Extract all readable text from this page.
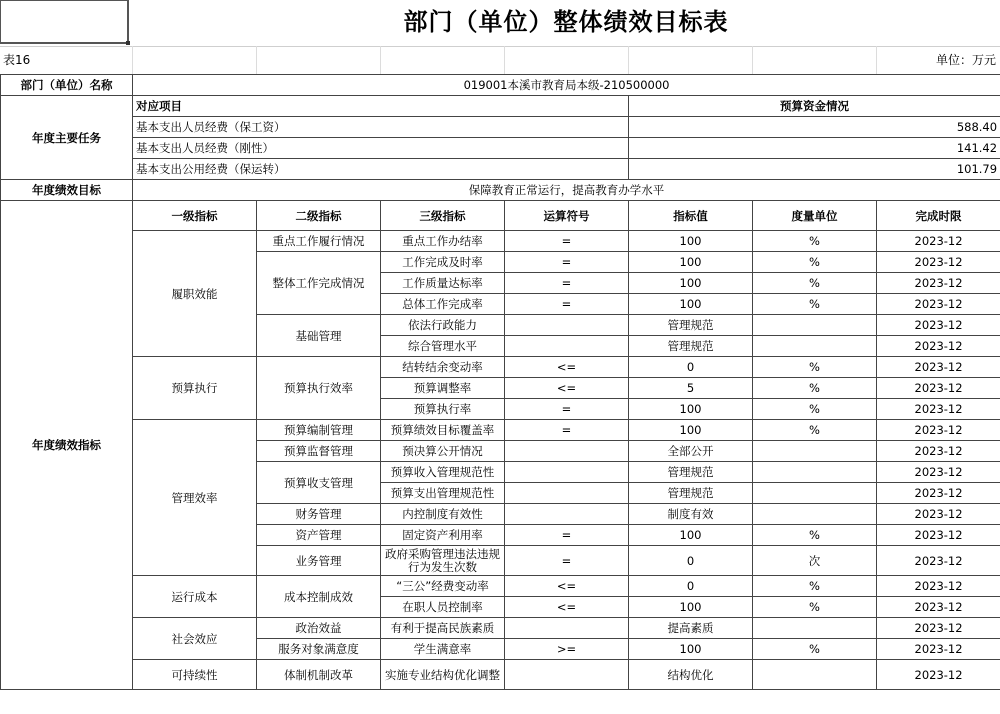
部门（单位）整体绩效目标表
表16	单位：万元
部门（单位）名称	019001本溪市教育局本级-210500000						
年度主要任务	对应项目				预算资金情况		
	基本支出人员经费（保工资）				588.40		
	基本支出人员经费（刚性）				141.42		
	基本支出公用经费（保运转）				101.79		
年度绩效目标	保障教育正常运行，提高教育办学水平						
年度绩效指标	一级指标	二级指标	三级指标	运算符号	指标值	度量单位	完成时限
	履职效能	重点工作履行情况	重点工作办结率	=	100	%	2023-12
		整体工作完成情况	工作完成及时率	=	100	%	2023-12
			工作质量达标率	=	100	%	2023-12
			总体工作完成率	=	100	%	2023-12
		基础管理	依法行政能力		管理规范		2023-12
			综合管理水平		管理规范		2023-12
	预算执行	预算执行效率	结转结余变动率	<=	0	%	2023-12
			预算调整率	<=	5	%	2023-12
			预算执行率	=	100	%	2023-12
	管理效率	预算编制管理	预算绩效目标覆盖率	=	100	%	2023-12
		预算监督管理	预决算公开情况		全部公开		2023-12
		预算收支管理	预算收入管理规范性		管理规范		2023-12
			预算支出管理规范性		管理规范		2023-12
		财务管理	内控制度有效性		制度有效		2023-12
		资产管理	固定资产利用率	=	100	%	2023-12
		业务管理	政府采购管理违法违规行为发生次数	=	0	次	2023-12
	运行成本	成本控制成效	“三公”经费变动率	<=	0	%	2023-12
			在职人员控制率	<=	100	%	2023-12
	社会效应	政治效益	有利于提高民族素质		提高素质		2023-12
		服务对象满意度	学生满意率	>=	100	%	2023-12
	可持续性	体制机制改革	实施专业结构优化调整		结构优化		2023-12
